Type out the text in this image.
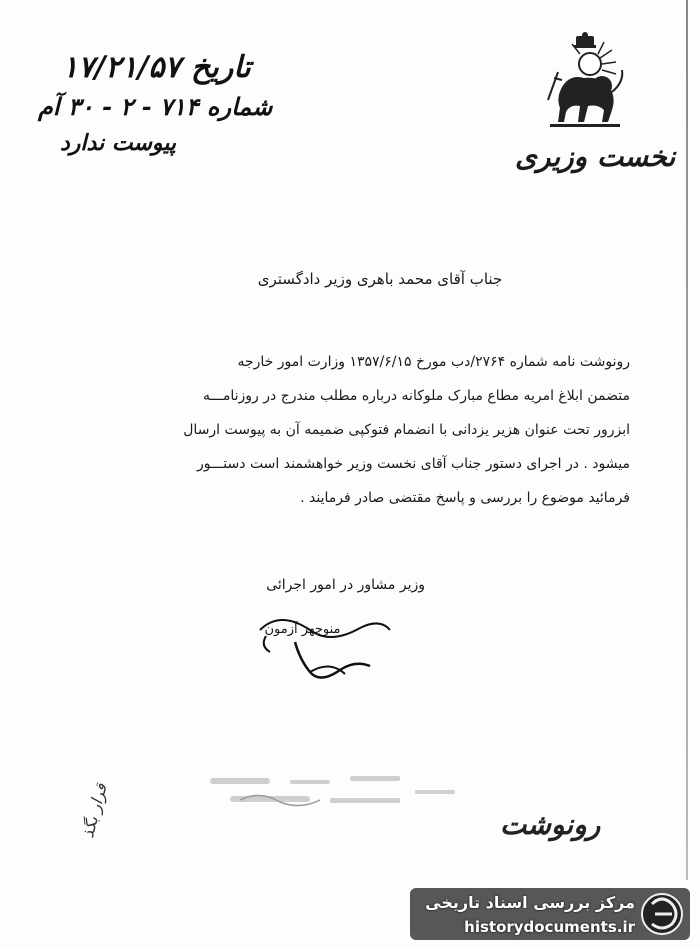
تاریخ ۱۷/۲۱/۵۷
شماره ۷۱۴ - ۲ - ۳۰ آم
پیوست ندارد	نخست وزیری
جناب آقای محمد باهری وزیر دادگستری
رونوشت نامه شماره ۲۷۶۴/دب مورخ ۱۳۵۷/۶/۱۵ وزارت امور خارجه
متضمن ابلاغ امریه مطاع مبارک ملوکانه درباره مطلب مندرج در روزنامـــه
ابزرور تحت عنوان هزیر یزدانی با انضمام فتوکپی ضمیمه آن به پیوست ارسال
میشود . در اجرای دستور جناب آقای نخست وزیر خواهشمند است دستـــور
فرمائید موضوع را بررسی و پاسخ مقتضی صادر فرمایند .
وزیر مشاور در امور اجرائی
منوچهر آزمون
رونوشت
قرار بگذ
مرکز بررسی اسناد تاریخی
historydocuments.ir
